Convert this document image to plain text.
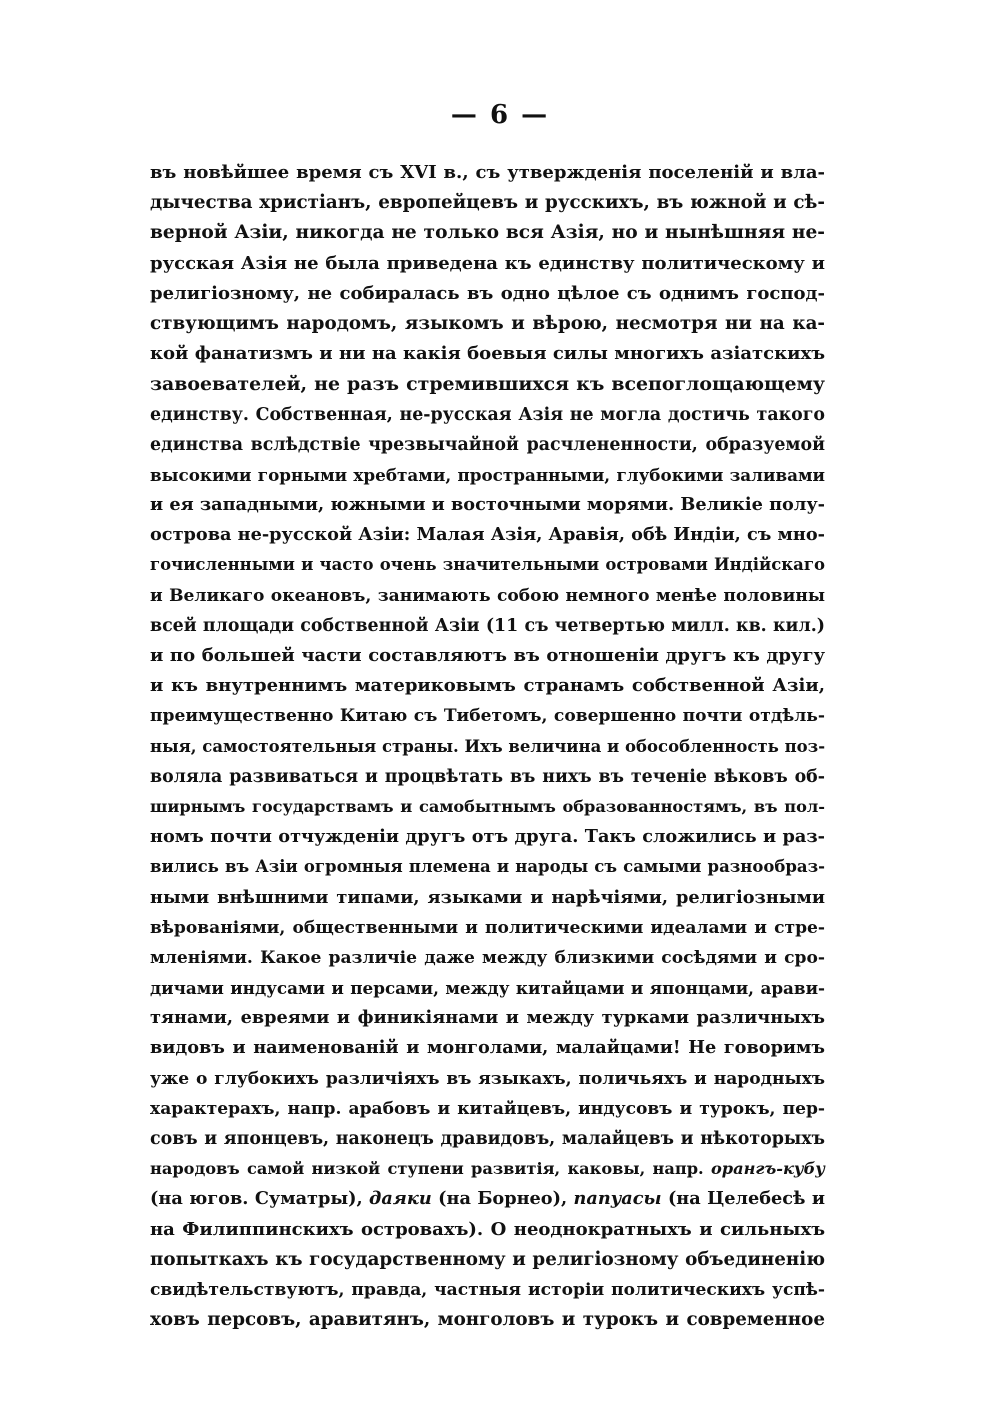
— 6 —
въ новѣйшее время съ XVI в., съ утвержденія поселеній и вла-
дычества христіанъ, европейцевъ и русскихъ, въ южной и сѣ-
верной Азіи, никогда не только вся Азія, но и нынѣшняя не-
русская Азія не была приведена къ единству политическому и
религіозному, не собиралась въ одно цѣлое съ однимъ господ-
ствующимъ народомъ, языкомъ и вѣрою, несмотря ни на ка-
кой фанатизмъ и ни на какія боевыя силы многихъ азіатскихъ
завоевателей, не разъ стремившихся къ всепоглощающему
единству. Собственная, не-русская Азія не могла достичь такого
единства вслѣдствіе чрезвычайной расчлененности, образуемой
высокими горными хребтами, пространными, глубокими заливами
и ея западными, южными и восточными морями. Великіе полу-
острова не-русской Азіи: Малая Азія, Аравія, обѣ Индіи, съ мно-
гочисленными и часто очень значительными островами Индійскаго
и Великаго океановъ, занимають собою немного менѣе половины
всей площади собственной Азіи (11 съ четвертью милл. кв. кил.)
и по большей части составляютъ въ отношеніи другъ къ другу
и къ внутреннимъ материковымъ странамъ собственной Азіи,
преимущественно Китаю съ Тибетомъ, совершенно почти отдѣль-
ныя, самостоятельныя страны. Ихъ величина и обособленность поз-
воляла развиваться и процвѣтать въ нихъ въ теченіе вѣковъ об-
ширнымъ государствамъ и самобытнымъ образованностямъ, въ пол-
номъ почти отчужденіи другъ отъ друга. Такъ сложились и раз-
вились въ Азіи огромныя племена и народы съ самыми разнообраз-
ными внѣшними типами, языками и нарѣчіями, религіозными
вѣрованіями, общественными и политическими идеалами и стре-
мленіями. Какое различіе даже между близкими сосѣдями и сро-
дичами индусами и персами, между китайцами и японцами, арави-
тянами, евреями и финикіянами и между турками различныхъ
видовъ и наименованій и монголами, малайцами! Не говоримъ
уже о глубокихъ различіяхъ въ языкахъ, поличьяхъ и народныхъ
характерахъ, напр. арабовъ и китайцевъ, индусовъ и турокъ, пер-
совъ и японцевъ, наконецъ дравидовъ, малайцевъ и нѣкоторыхъ
народовъ самой низкой ступени развитія, каковы, напр. орангъ-кубу
(на югов. Суматры), даяки (на Борнео), папуасы (на Целебесѣ и
на Филиппинскихъ островахъ). О неоднократныхъ и сильныхъ
попыткахъ къ государственному и религіозному объединенію
свидѣтельствуютъ, правда, частныя исторіи политическихъ успѣ-
ховъ персовъ, аравитянъ, монголовъ и турокъ и современное
